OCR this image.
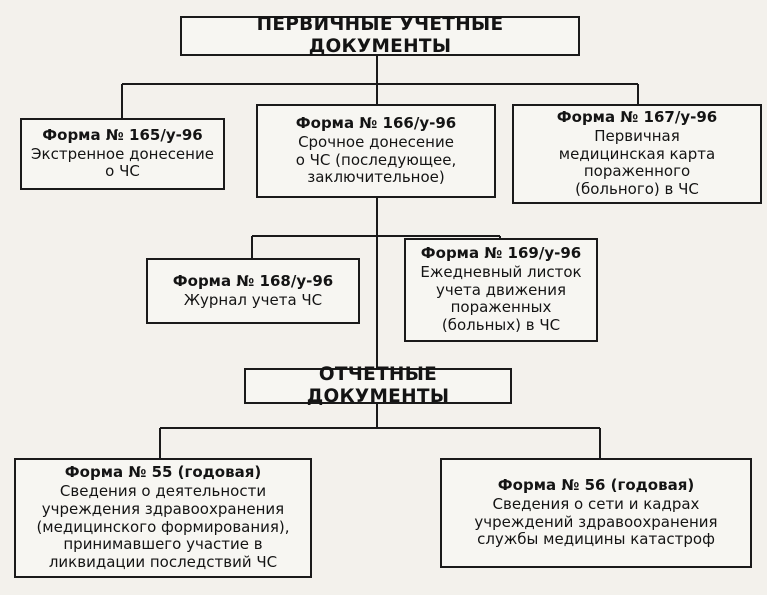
ПЕРВИЧНЫЕ УЧЕТНЫЕ ДОКУМЕНТЫ
Форма № 165/у-96
Экстренное донесение
о ЧС
Форма № 166/у-96
Срочное донесение
о ЧС (последующее,
заключительное)
Форма № 167/у-96
Первичная
медицинская карта
пораженного
(больного) в ЧС
Форма № 168/у-96
Журнал учета ЧС
Форма № 169/у-96
Ежедневный листок
учета движения
пораженных
(больных) в ЧС
ОТЧЕТНЫЕ ДОКУМЕНТЫ
Форма № 55 (годовая)
Сведения о деятельности
учреждения здравоохранения
(медицинского формирования),
принимавшего участие в
ликвидации последствий ЧС
Форма № 56 (годовая)
Сведения о сети и кадрах
учреждений здравоохранения
службы медицины катастроф
